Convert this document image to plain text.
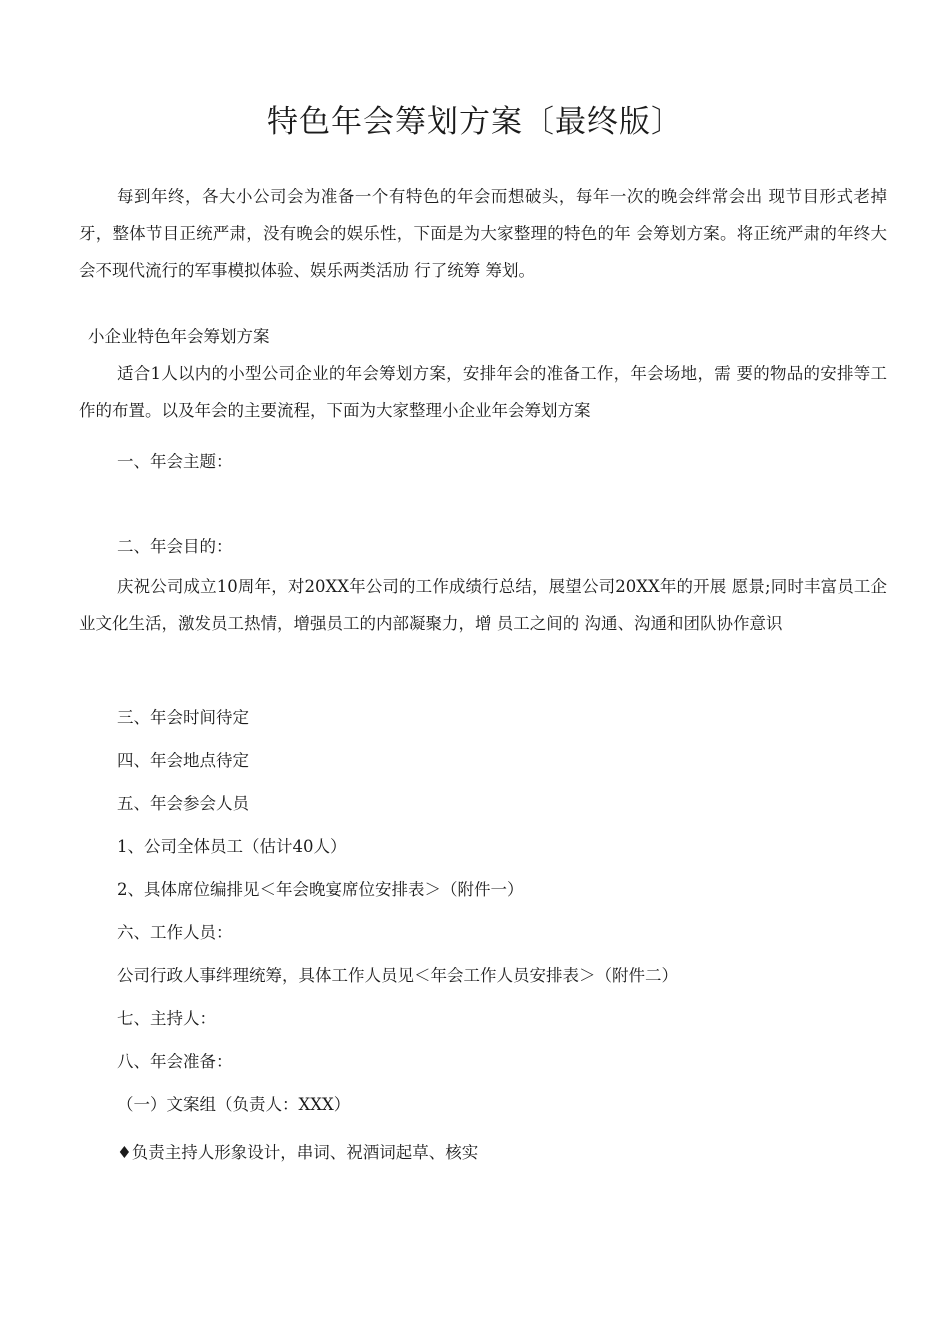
特色年会筹划方案〔最终版〕

每到年终，各大小公司会为准备一个有特色的年会而想破头，每年一次的晚会绊常会出 现节目形式老掉牙，整体节目正统严肃，没有晚会的娱乐性，下面是为大家整理的特色的年 会筹划方案。将正统严肃的年终大会不现代流行的军事模拟体验、娱乐两类活劢 行了统筹 筹划。

小企业特色年会筹划方案

适合1人以内的小型公司企业的年会筹划方案，安排年会的准备工作，年会场地，需 要的物品的安排等工作的布置。以及年会的主要流程，下面为大家整理小企业年会筹划方案

一、年会主题：

二、年会目的：

庆祝公司成立10周年，对20XX年公司的工作成绩行总结，展望公司20XX年的开展 愿景;同时丰富员工企业文化生活，激发员工热情，增强员工的内部凝聚力，增 员工之间的 沟通、沟通和团队协作意识

三、年会时间待定

四、年会地点待定

五、年会参会人员

1、公司全体员工（估计40人）

2、具体席位编排见＜年会晚宴席位安排表＞（附件一）

六、工作人员：

公司行政人事绊理统筹，具体工作人员见＜年会工作人员安排表＞（附件二）

七、主持人：

八、年会准备：

（一）文案组（负责人：XXX）

♦负责主持人形象设计，串词、祝酒词起草、核实
